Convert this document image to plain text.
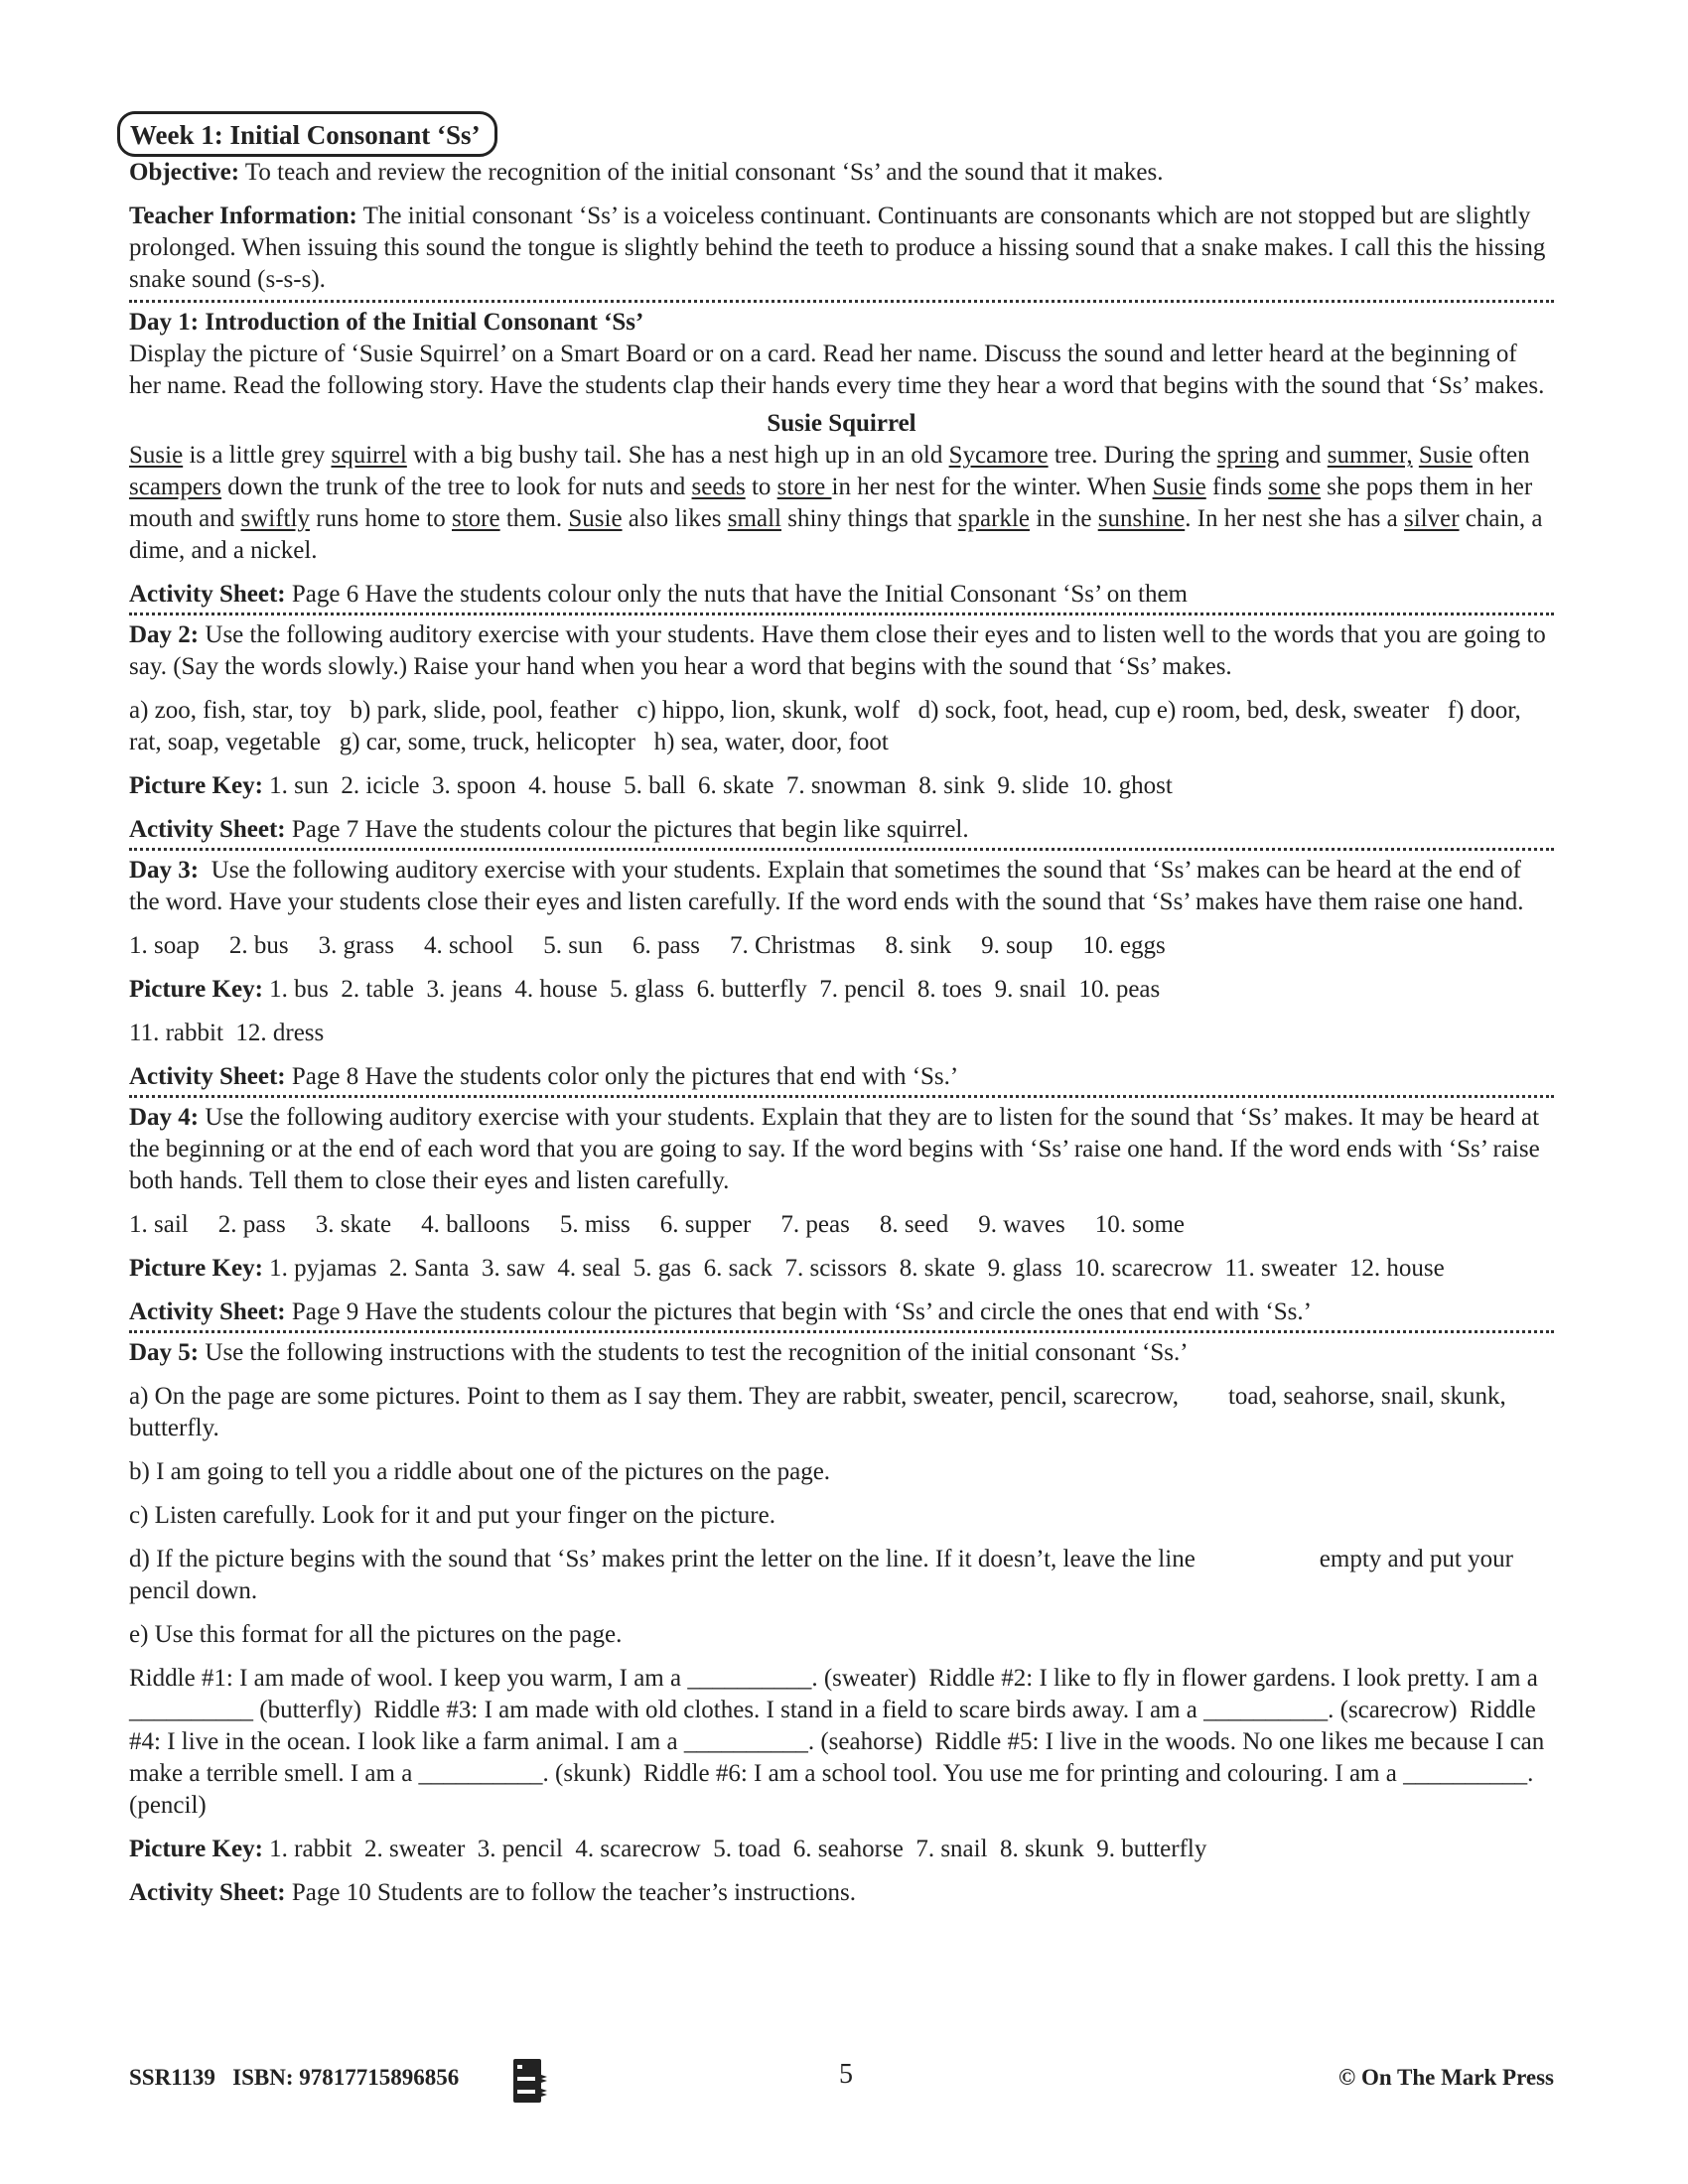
Week 1: Initial Consonant ‘Ss’

Objective: To teach and review the recognition of the initial consonant ‘Ss’ and the sound that it makes.

Teacher Information: The initial consonant ‘Ss’ is a voiceless continuant. Continuants are consonants which are not stopped but are slightly prolonged. When issuing this sound the tongue is slightly behind the teeth to produce a hissing sound that a snake makes. I call this the hissing snake sound (s-s-s).

Day 1: Introduction of the Initial Consonant ‘Ss’

Display the picture of ‘Susie Squirrel’ on a Smart Board or on a card. Read her name. Discuss the sound and letter heard at the beginning of her name. Read the following story. Have the students clap their hands every time they hear a word that begins with the sound that ‘Ss’ makes.

Susie Squirrel

Susie is a little grey squirrel with a big bushy tail. She has a nest high up in an old Sycamore tree. During the spring and summer, Susie often scampers down the trunk of the tree to look for nuts and seeds to store in her nest for the winter. When Susie finds some she pops them in her mouth and swiftly runs home to store them. Susie also likes small shiny things that sparkle in the sunshine. In her nest she has a silver chain, a dime, and a nickel.

Activity Sheet: Page 6 Have the students colour only the nuts that have the Initial Consonant ‘Ss’ on them

Day 2: Use the following auditory exercise with your students. Have them close their eyes and to listen well to the words that you are going to say. (Say the words slowly.) Raise your hand when you hear a word that begins with the sound that ‘Ss’ makes.

a) zoo, fish, star, toy   b) park, slide, pool, feather   c) hippo, lion, skunk, wolf   d) sock, foot, head, cup e) room, bed, desk, sweater   f) door, rat, soap, vegetable   g) car, some, truck, helicopter   h) sea, water, door, foot

Picture Key: 1. sun  2. icicle  3. spoon  4. house  5. ball  6. skate  7. snowman  8. sink  9. slide  10. ghost

Activity Sheet: Page 7 Have the students colour the pictures that begin like squirrel.

Day 3:  Use the following auditory exercise with your students. Explain that sometimes the sound that ‘Ss’ makes can be heard at the end of the word. Have your students close their eyes and listen carefully. If the word ends with the sound that ‘Ss’ makes have them raise one hand.

1. soap 2. bus 3. grass 4. school 5. sun 6. pass 7. Christmas 8. sink 9. soup 10. eggs

Picture Key: 1. bus  2. table  3. jeans  4. house  5. glass  6. butterfly  7. pencil  8. toes  9. snail  10. peas

11. rabbit  12. dress

Activity Sheet: Page 8 Have the students color only the pictures that end with ‘Ss.’

Day 4: Use the following auditory exercise with your students. Explain that they are to listen for the sound that ‘Ss’ makes. It may be heard at the beginning or at the end of each word that you are going to say. If the word begins with ‘Ss’ raise one hand. If the word ends with ‘Ss’ raise both hands. Tell them to close their eyes and listen carefully.

1. sail 2. pass 3. skate 4. balloons 5. miss 6. supper 7. peas 8. seed 9. waves 10. some

Picture Key: 1. pyjamas  2. Santa  3. saw  4. seal  5. gas  6. sack  7. scissors  8. skate  9. glass  10. scarecrow  11. sweater  12. house

Activity Sheet: Page 9 Have the students colour the pictures that begin with ‘Ss’ and circle the ones that end with ‘Ss.’

Day 5: Use the following instructions with the students to test the recognition of the initial consonant ‘Ss.’

a) On the page are some pictures. Point to them as I say them. They are rabbit, sweater, pencil, scarecrow,        toad, seahorse, snail, skunk, butterfly.

b) I am going to tell you a riddle about one of the pictures on the page.

c) Listen carefully. Look for it and put your finger on the picture.

d) If the picture begins with the sound that ‘Ss’ makes print the letter on the line. If it doesn’t, leave the line                    empty and put your pencil down.

e) Use this format for all the pictures on the page.

Riddle #1: I am made of wool. I keep you warm, I am a __________. (sweater)  Riddle #2: I like to fly in flower gardens. I look pretty. I am a __________ (butterfly)  Riddle #3: I am made with old clothes. I stand in a field to scare birds away. I am a __________. (scarecrow)  Riddle #4: I live in the ocean. I look like a farm animal. I am a __________. (seahorse)  Riddle #5: I live in the woods. No one likes me because I can make a terrible smell. I am a __________. (skunk)  Riddle #6: I am a school tool. You use me for printing and colouring. I am a __________. (pencil)

Picture Key: 1. rabbit  2. sweater  3. pencil  4. scarecrow  5. toad  6. seahorse  7. snail  8. skunk  9. butterfly

Activity Sheet: Page 10 Students are to follow the teacher’s instructions.

SSR1139   ISBN: 97817715896856	5	© On The Mark Press
